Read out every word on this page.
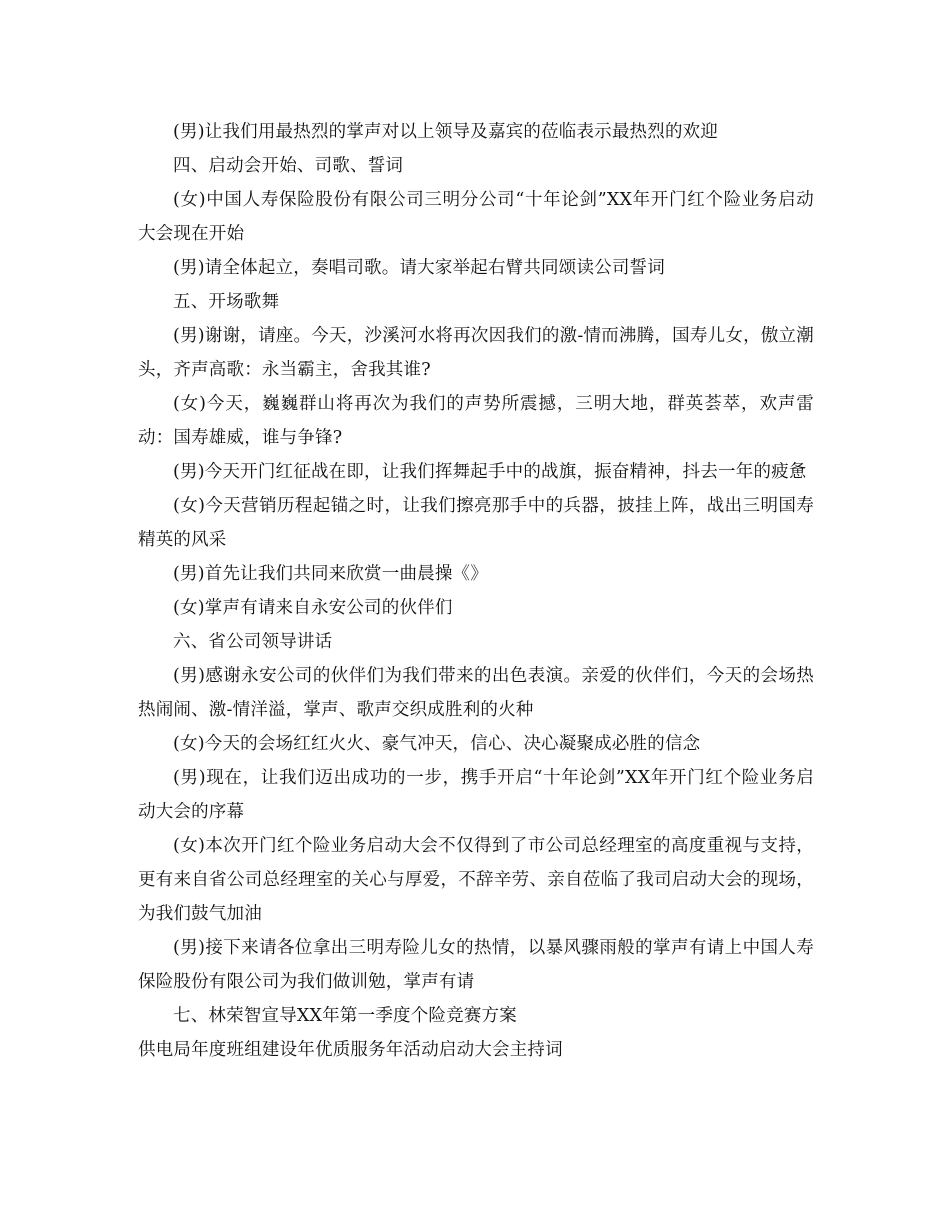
(男)让我们用最热烈的掌声对以上领导及嘉宾的莅临表示最热烈的欢迎

四、启动会开始、司歌、誓词

(女)中国人寿保险股份有限公司三明分公司“十年论剑”XX年开门红个险业务启动大会现在开始

(男)请全体起立，奏唱司歌。请大家举起右臂共同颂读公司誓词

五、开场歌舞

(男)谢谢，请座。今天，沙溪河水将再次因我们的激-情而沸腾，国寿儿女，傲立潮头，齐声高歌：永当霸主，舍我其谁?

(女)今天，巍巍群山将再次为我们的声势所震撼，三明大地，群英荟萃，欢声雷动：国寿雄威，谁与争锋?

(男)今天开门红征战在即，让我们挥舞起手中的战旗，振奋精神，抖去一年的疲惫

(女)今天营销历程起锚之时，让我们擦亮那手中的兵器，披挂上阵，战出三明国寿精英的风采

(男)首先让我们共同来欣赏一曲晨操《》

(女)掌声有请来自永安公司的伙伴们

六、省公司领导讲话

(男)感谢永安公司的伙伴们为我们带来的出色表演。亲爱的伙伴们，今天的会场热热闹闹、激-情洋溢，掌声、歌声交织成胜利的火种

(女)今天的会场红红火火、豪气冲天，信心、决心凝聚成必胜的信念

(男)现在，让我们迈出成功的一步，携手开启“十年论剑”XX年开门红个险业务启动大会的序幕

(女)本次开门红个险业务启动大会不仅得到了市公司总经理室的高度重视与支持，更有来自省公司总经理室的关心与厚爱，不辞辛劳、亲自莅临了我司启动大会的现场，为我们鼓气加油

(男)接下来请各位拿出三明寿险儿女的热情，以暴风骤雨般的掌声有请上中国人寿保险股份有限公司为我们做训勉，掌声有请

七、林荣智宣导XX年第一季度个险竞赛方案

供电局年度班组建设年优质服务年活动启动大会主持词
